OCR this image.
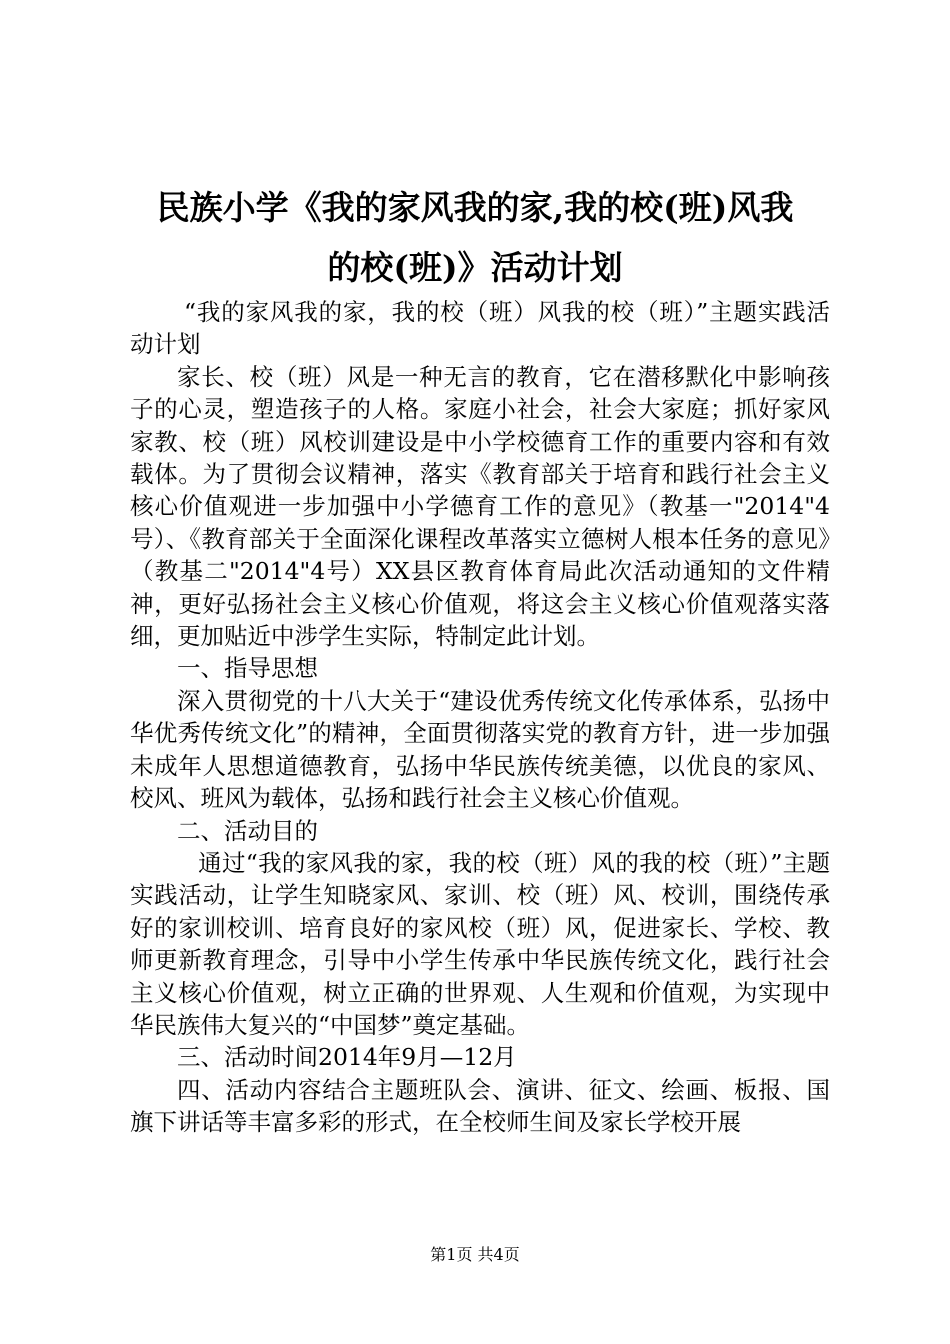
民族小学《我的家风我的家,我的校(班)风我
的校(班)》活动计划

“我的家风我的家，我的校（班）风我的校（班）”主题实践活动计划

家长、校（班）风是一种无言的教育，它在潜移默化中影响孩子的心灵，塑造孩子的人格。家庭小社会，社会大家庭；抓好家风家教、校（班）风校训建设是中小学校德育工作的重要内容和有效载体。为了贯彻会议精神，落实《教育部关于培育和践行社会主义核心价值观进一步加强中小学德育工作的意见》（教基一"2014"4号）、《教育部关于全面深化课程改革落实立德树人根本任务的意见》（教基二"2014"4号）XX县区教育体育局此次活动通知的文件精神，更好弘扬社会主义核心价值观，将这会主义核心价值观落实落细，更加贴近中涉学生实际，特制定此计划。

一、指导思想

深入贯彻党的十八大关于“建设优秀传统文化传承体系，弘扬中华优秀传统文化”的精神，全面贯彻落实党的教育方针，进一步加强未成年人思想道德教育，弘扬中华民族传统美德，以优良的家风、校风、班风为载体，弘扬和践行社会主义核心价值观。

二、活动目的

通过“我的家风我的家，我的校（班）风的我的校（班）”主题实践活动，让学生知晓家风、家训、校（班）风、校训，围绕传承好的家训校训、培育良好的家风校（班）风，促进家长、学校、教师更新教育理念，引导中小学生传承中华民族传统文化，践行社会主义核心价值观，树立正确的世界观、人生观和价值观，为实现中华民族伟大复兴的“中国梦”奠定基础。

三、活动时间2014年9月—12月

四、活动内容结合主题班队会、演讲、征文、绘画、板报、国旗下讲话等丰富多彩的形式，在全校师生间及家长学校开展

第1页 共4页
